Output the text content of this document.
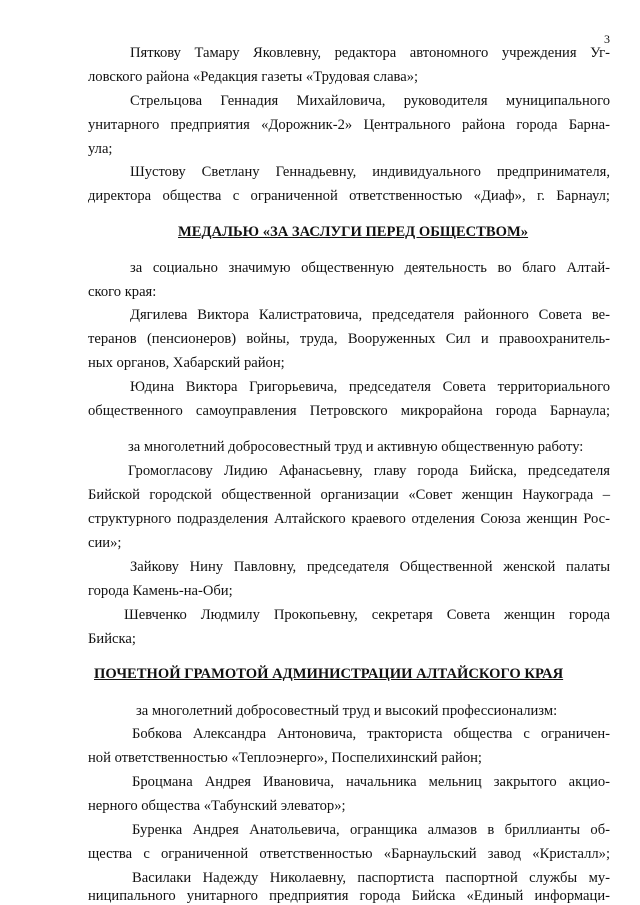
3
Пяткову Тамару Яковлевну, редактора автономного учреждения Уг-
ловского района «Редакция газеты «Трудовая слава»;
Стрельцова Геннадия Михайловича, руководителя муниципального
унитарного предприятия «Дорожник-2» Центрального района города Барна-
ула;
Шустову Светлану Геннадьевну, индивидуального предпринимателя,
директора общества с ограниченной ответственностью «Диаф», г. Барнаул;
МЕДАЛЬЮ «ЗА ЗАСЛУГИ ПЕРЕД ОБЩЕСТВОМ»
за социально значимую общественную деятельность во благо Алтай-
ского края:
Дягилева Виктора Калистратовича, председателя районного Совета ве-
теранов (пенсионеров) войны, труда, Вооруженных Сил и правоохранитель-
ных органов, Хабарский район;
Юдина Виктора Григорьевича, председателя Совета территориального
общественного самоуправления Петровского микрорайона города Барнаула;
за многолетний добросовестный труд и активную общественную работу:
Громогласову Лидию Афанасьевну, главу города Бийска, председателя
Бийской городской общественной организации «Совет женщин Наукограда –
структурного подразделения Алтайского краевого отделения Союза женщин Рос-
сии»;
Зайкову Нину Павловну, председателя Общественной женской палаты
города Камень-на-Оби;
Шевченко Людмилу Прокопьевну, секретаря Совета женщин города
Бийска;
ПОЧЕТНОЙ ГРАМОТОЙ АДМИНИСТРАЦИИ АЛТАЙСКОГО КРАЯ
за многолетний добросовестный труд и высокий профессионализм:
Бобкова Александра Антоновича, тракториста общества с ограничен-
ной ответственностью «Теплоэнерго», Поспелихинский район;
Броцмана Андрея Ивановича, начальника мельниц закрытого акцио-
нерного общества «Табунский элеватор»;
Буренка Андрея Анатольевича, огранщика алмазов в бриллианты об-
щества с ограниченной ответственностью «Барнаульский завод «Кристалл»;
Василаки Надежду Николаевну, паспортиста паспортной службы му-
ниципального унитарного предприятия города Бийска «Единый информаци-
